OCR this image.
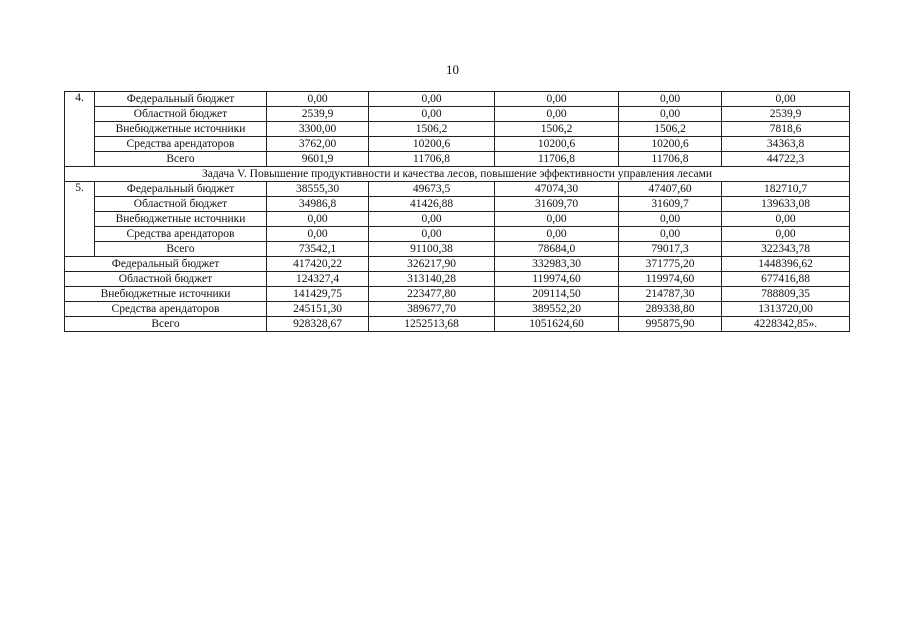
10
4.	Федеральный бюджет	0,00	0,00	0,00	0,00	0,00
	Областной бюджет	2539,9	0,00	0,00	0,00	2539,9
	Внебюджетные источники	3300,00	1506,2	1506,2	1506,2	7818,6
	Средства арендаторов	3762,00	10200,6	10200,6	10200,6	34363,8
	Всего	9601,9	11706,8	11706,8	11706,8	44722,3
Задача V. Повышение продуктивности и качества лесов, повышение эффективности управления лесами						
5.	Федеральный бюджет	38555,30	49673,5	47074,30	47407,60	182710,7
	Областной бюджет	34986,8	41426,88	31609,70	31609,7	139633,08
	Внебюджетные источники	0,00	0,00	0,00	0,00	0,00
	Средства арендаторов	0,00	0,00	0,00	0,00	0,00
	Всего	73542,1	91100,38	78684,0	79017,3	322343,78
Федеральный бюджет		417420,22	326217,90	332983,30	371775,20	1448396,62
Областной бюджет		124327,4	313140,28	119974,60	119974,60	677416,88
Внебюджетные источники		141429,75	223477,80	209114,50	214787,30	788809,35
Средства арендаторов		245151,30	389677,70	389552,20	289338,80	1313720,00
Всего		928328,67	1252513,68	1051624,60	995875,90	4228342,85».
